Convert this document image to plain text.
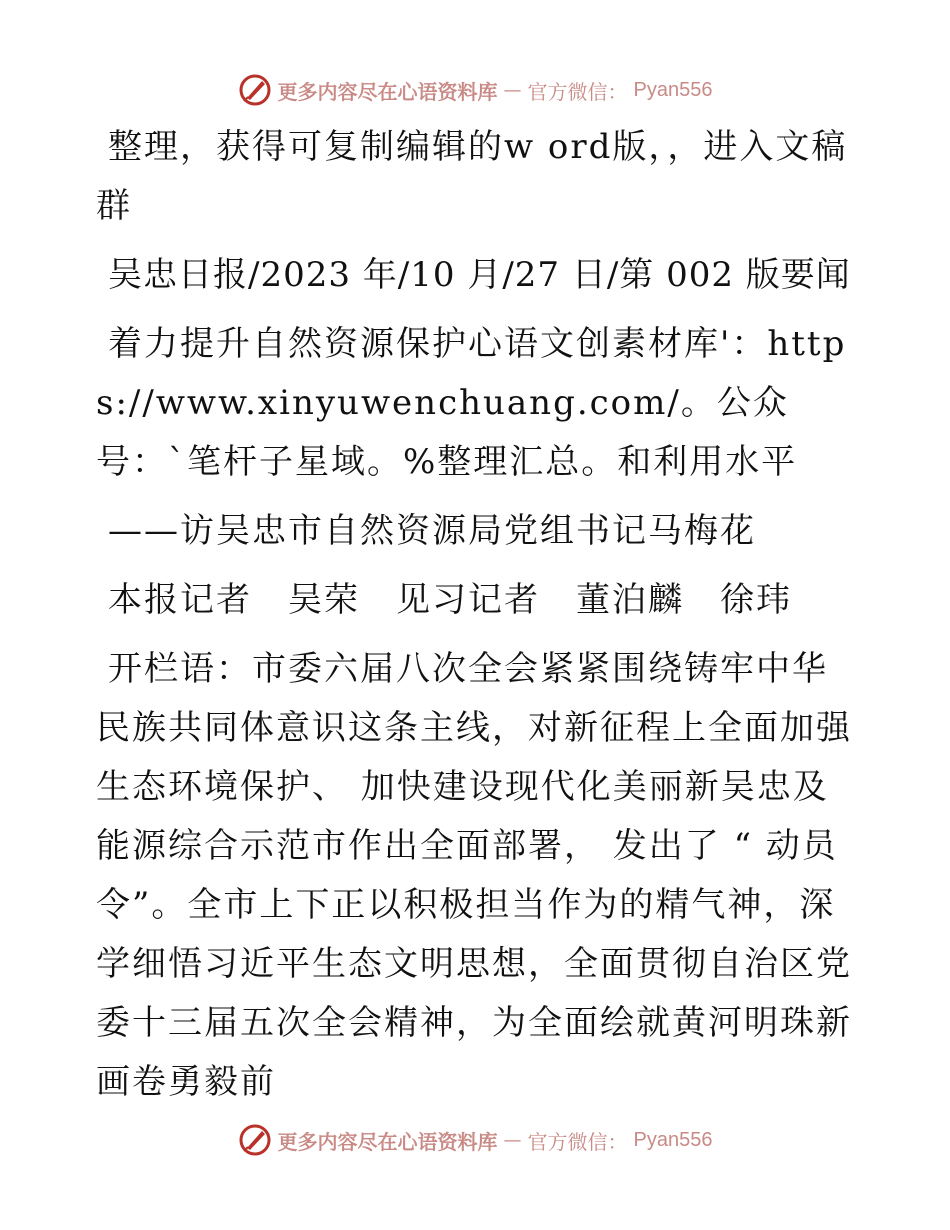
更多内容尽在心语资料库 — 官方微信： Pyan556

整理，获得可复制编辑的w ord版，，进入文稿群

吴忠日报/2023 年/10 月/27 日/第 002 版要闻

着力提升自然资源保护心语文创素材库'：https://www.xinyuwenchuang.com/。公众号：`笔杆子星域。%整理汇总。和利用水平

——访吴忠市自然资源局党组书记马梅花

本报记者　吴荣　见习记者　董泊麟　徐玮

开栏语：市委六届八次全会紧紧围绕铸牢中华民族共同体意识这条主线，对新征程上全面加强生态环境保护、 加快建设现代化美丽新吴忠及能源综合示范市作出全面部署， 发出了 “ 动员令”。全市上下正以积极担当作为的精气神，深学细悟习近平生态文明思想，全面贯彻自治区党委十三届五次全会精神，为全面绘就黄河明珠新画卷勇毅前

更多内容尽在心语资料库 — 官方微信： Pyan556
